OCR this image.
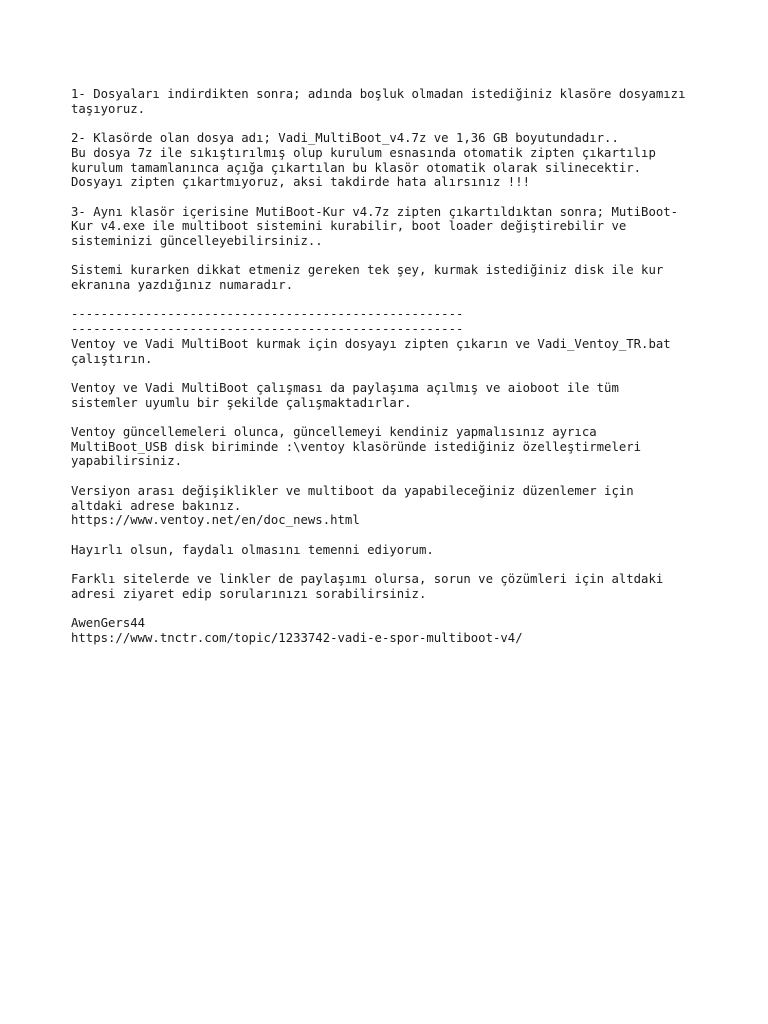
1- Dosyaları indirdikten sonra; adında boşluk olmadan istediğiniz klasöre dosyamızı
taşıyoruz.

2- Klasörde olan dosya adı; Vadi_MultiBoot_v4.7z ve 1,36 GB boyutundadır..
Bu dosya 7z ile sıkıştırılmış olup kurulum esnasında otomatik zipten çıkartılıp
kurulum tamamlanınca açığa çıkartılan bu klasör otomatik olarak silinecektir.
Dosyayı zipten çıkartmıyoruz, aksi takdirde hata alırsınız !!!

3- Aynı klasör içerisine MutiBoot-Kur v4.7z zipten çıkartıldıktan sonra; MutiBoot-
Kur v4.exe ile multiboot sistemini kurabilir, boot loader değiştirebilir ve
sisteminizi güncelleyebilirsiniz..

Sistemi kurarken dikkat etmeniz gereken tek şey, kurmak istediğiniz disk ile kur
ekranına yazdığınız numaradır.

-----------------------------------------------------
-----------------------------------------------------
Ventoy ve Vadi MultiBoot kurmak için dosyayı zipten çıkarın ve Vadi_Ventoy_TR.bat
çalıştırın.

Ventoy ve Vadi MultiBoot çalışması da paylaşıma açılmış ve aioboot ile tüm
sistemler uyumlu bir şekilde çalışmaktadırlar.

Ventoy güncellemeleri olunca, güncellemeyi kendiniz yapmalısınız ayrıca
MultiBoot_USB disk biriminde :\ventoy klasöründe istediğiniz özelleştirmeleri
yapabilirsiniz.

Versiyon arası değişiklikler ve multiboot da yapabileceğiniz düzenlemer için
altdaki adrese bakınız.
https://www.ventoy.net/en/doc_news.html

Hayırlı olsun, faydalı olmasını temenni ediyorum.

Farklı sitelerde ve linkler de paylaşımı olursa, sorun ve çözümleri için altdaki
adresi ziyaret edip sorularınızı sorabilirsiniz.

AwenGers44
https://www.tnctr.com/topic/1233742-vadi-e-spor-multiboot-v4/
